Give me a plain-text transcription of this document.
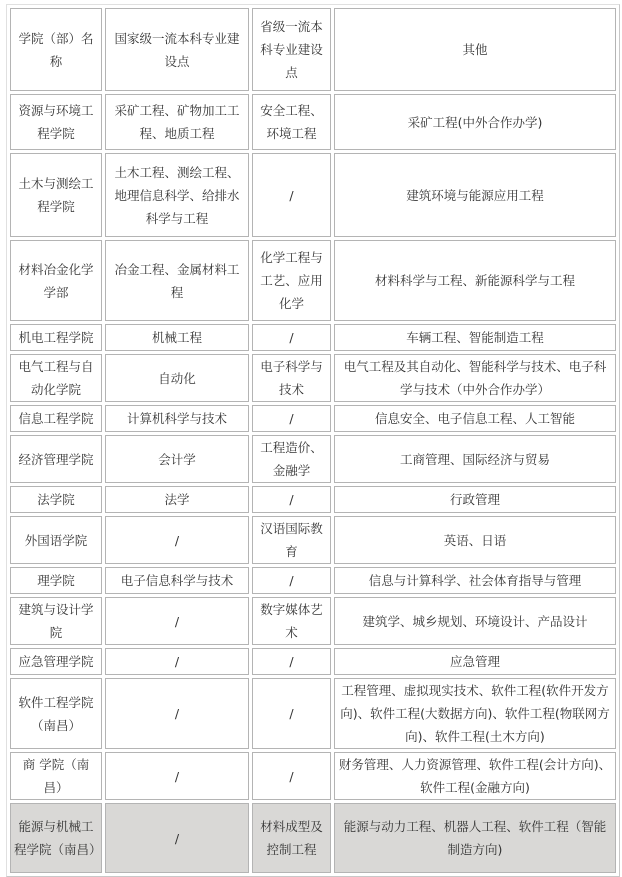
学院（部）名称	国家级一流本科专业建设点	省级一流本科专业建设点	其他
资源与环境工程学院	采矿工程、矿物加工工程、地质工程	安全工程、环境工程	采矿工程(中外合作办学)
土木与测绘工程学院	土木工程、测绘工程、地理信息科学、给排水科学与工程	/	建筑环境与能源应用工程
材料冶金化学学部	冶金工程、金属材料工程	化学工程与工艺、应用化学	材料科学与工程、新能源科学与工程
机电工程学院	机械工程	/	车辆工程、智能制造工程
电气工程与自动化学院	自动化	电子科学与技术	电气工程及其自动化、智能科学与技术、电子科学与技术（中外合作办学）
信息工程学院	计算机科学与技术	/	信息安全、电子信息工程、人工智能
经济管理学院	会计学	工程造价、金融学	工商管理、国际经济与贸易
法学院	法学	/	行政管理
外国语学院	/	汉语国际教育	英语、日语
理学院	电子信息科学与技术	/	信息与计算科学、社会体育指导与管理
建筑与设计学院	/	数字媒体艺术	建筑学、城乡规划、环境设计、产品设计
应急管理学院	/	/	应急管理
软件工程学院（南昌）	/	/	工程管理、虚拟现实技术、软件工程(软件开发方向)、软件工程(大数据方向)、软件工程(物联网方向)、软件工程(土木方向)
商 学院（南昌）	/	/	财务管理、人力资源管理、软件工程(会计方向)、软件工程(金融方向)
能源与机械工程学院（南昌）	/	材料成型及控制工程	能源与动力工程、机器人工程、软件工程（智能制造方向)
